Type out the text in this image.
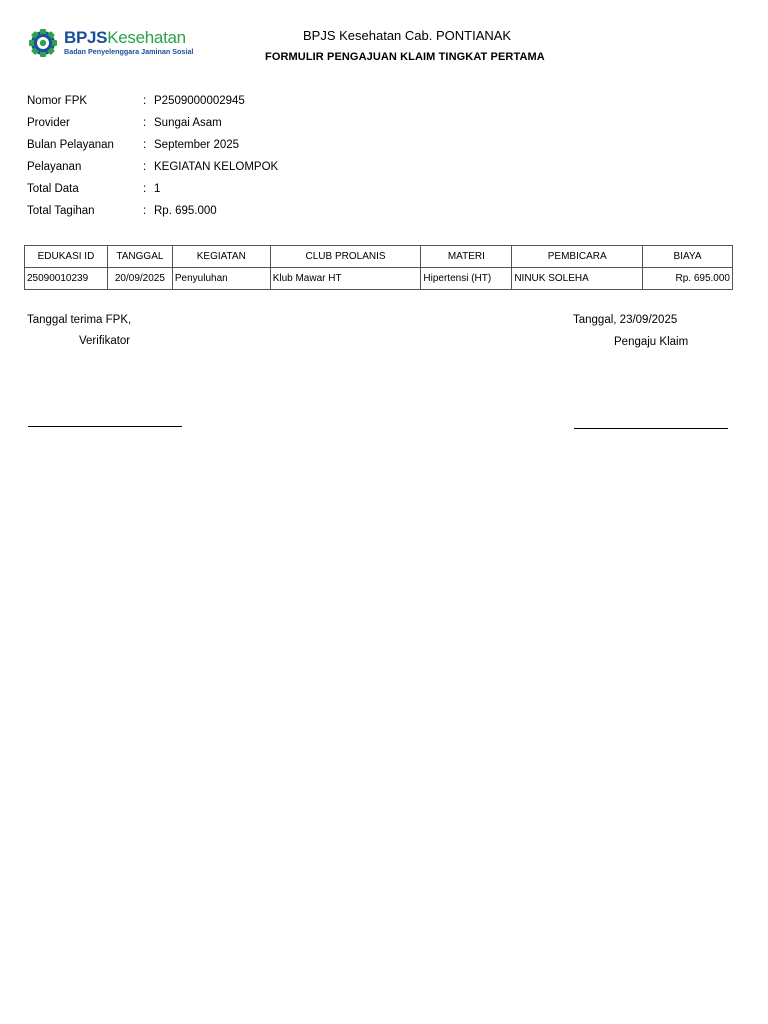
BPJSKesehatan
Badan Penyelenggara Jaminan Sosial
BPJS Kesehatan Cab. PONTIANAK
FORMULIR PENGAJUAN KLAIM TINGKAT PERTAMA
Nomor FPK	: P2509000002945
Provider	: Sungai Asam
Bulan Pelayanan	: September 2025
Pelayanan	: KEGIATAN KELOMPOK
Total Data	: 1
Total Tagihan	: Rp. 695.000
EDUKASI ID	TANGGAL	KEGIATAN	CLUB PROLANIS	MATERI	PEMBICARA	BIAYA
25090010239	20/09/2025	Penyuluhan	Klub Mawar HT	Hipertensi (HT)	NINUK SOLEHA	Rp. 695.000
Tanggal terima FPK,
Verifikator
Tanggal, 23/09/2025
Pengaju Klaim
